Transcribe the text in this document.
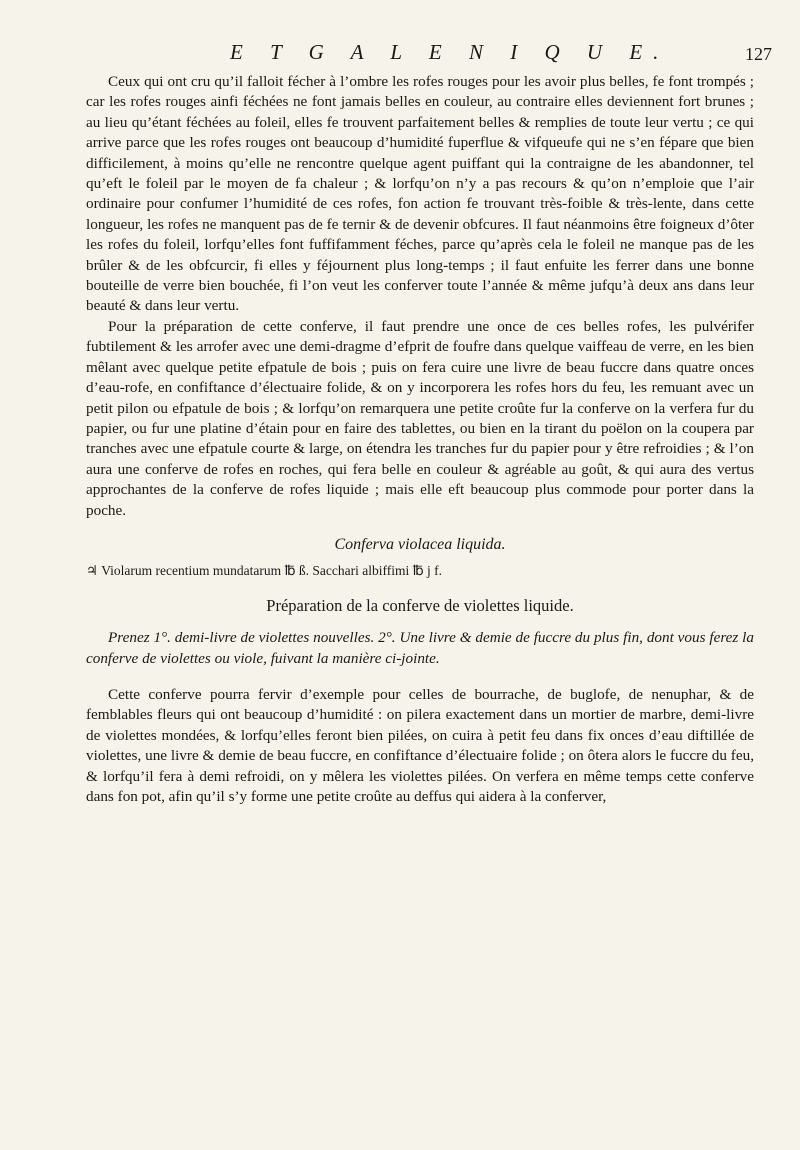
E T G A L E N I Q U E.	127

Ceux qui ont cru qu’il falloit fécher à l’ombre les rofes rouges pour les avoir plus belles, fe font trompés ; car les rofes rouges ainfi féchées ne font jamais belles en couleur, au contraire elles deviennent fort brunes ; au lieu qu’étant féchées au foleil, elles fe trouvent parfaitement belles & remplies de toute leur vertu ; ce qui arrive parce que les rofes rouges ont beaucoup d’humidité fuperflue & vifqueufe qui ne s’en fépare que bien difficilement, à moins qu’elle ne rencontre quelque agent puiffant qui la contraigne de les abandonner, tel qu’eft le foleil par le moyen de fa chaleur ; & lorfqu’on n’y a pas recours & qu’on n’emploie que l’air ordinaire pour confumer l’humidité de ces rofes, fon action fe trouvant très-foible & très-lente, dans cette longueur, les rofes ne manquent pas de fe ternir & de devenir obfcures. Il faut néanmoins être foigneux d’ôter les rofes du foleil, lorfqu’elles font fuffifamment féches, parce qu’après cela le foleil ne manque pas de les brûler & de les obfcurcir, fi elles y féjournent plus long-temps ; il faut enfuite les ferrer dans une bonne bouteille de verre bien bouchée, fi l’on veut les conferver toute l’année & même jufqu’à deux ans dans leur beauté & dans leur vertu.

Pour la préparation de cette conferve, il faut prendre une once de ces belles rofes, les pulvérifer fubtilement & les arrofer avec une demi-dragme d’efprit de foufre dans quelque vaiffeau de verre, en les bien mêlant avec quelque petite efpatule de bois ; puis on fera cuire une livre de beau fuccre dans quatre onces d’eau-rofe, en confiftance d’électuaire folide, & on y incorporera les rofes hors du feu, les remuant avec un petit pilon ou efpatule de bois ; & lorfqu’on remarquera une petite croûte fur la conferve on la verfera fur du papier, ou fur une platine d’étain pour en faire des tablettes, ou bien en la tirant du poëlon on la coupera par tranches avec une efpatule courte & large, on étendra les tranches fur du papier pour y être refroidies ; & l’on aura une conferve de rofes en roches, qui fera belle en couleur & agréable au goût, & qui aura des vertus approchantes de la conferve de rofes liquide ; mais elle eft beaucoup plus commode pour porter dans la poche.

Conferva violacea liquida.

♃ Violarum recentium mundatarum ℔ ß. Sacchari albiffimi ℔ j f.

Préparation de la conferve de violettes liquide.

Prenez 1°. demi-livre de violettes nouvelles. 2°. Une livre & demie de fuccre du plus fin, dont vous ferez la conferve de violettes ou viole, fuivant la manière ci-jointe.

Cette conferve pourra fervir d’exemple pour celles de bourrache, de buglofe, de nenuphar, & de femblables fleurs qui ont beaucoup d’humidité : on pilera exactement dans un mortier de marbre, demi-livre de violettes mondées, & lorfqu’elles feront bien pilées, on cuira à petit feu dans fix onces d’eau diftillée de violettes, une livre & demie de beau fuccre, en confiftance d’électuaire folide ; on ôtera alors le fuccre du feu, & lorfqu’il fera à demi refroidi, on y mêlera les violettes pilées. On verfera en même temps cette conferve dans fon pot, afin qu’il s’y forme une petite croûte au deffus qui aidera à la conferver,
